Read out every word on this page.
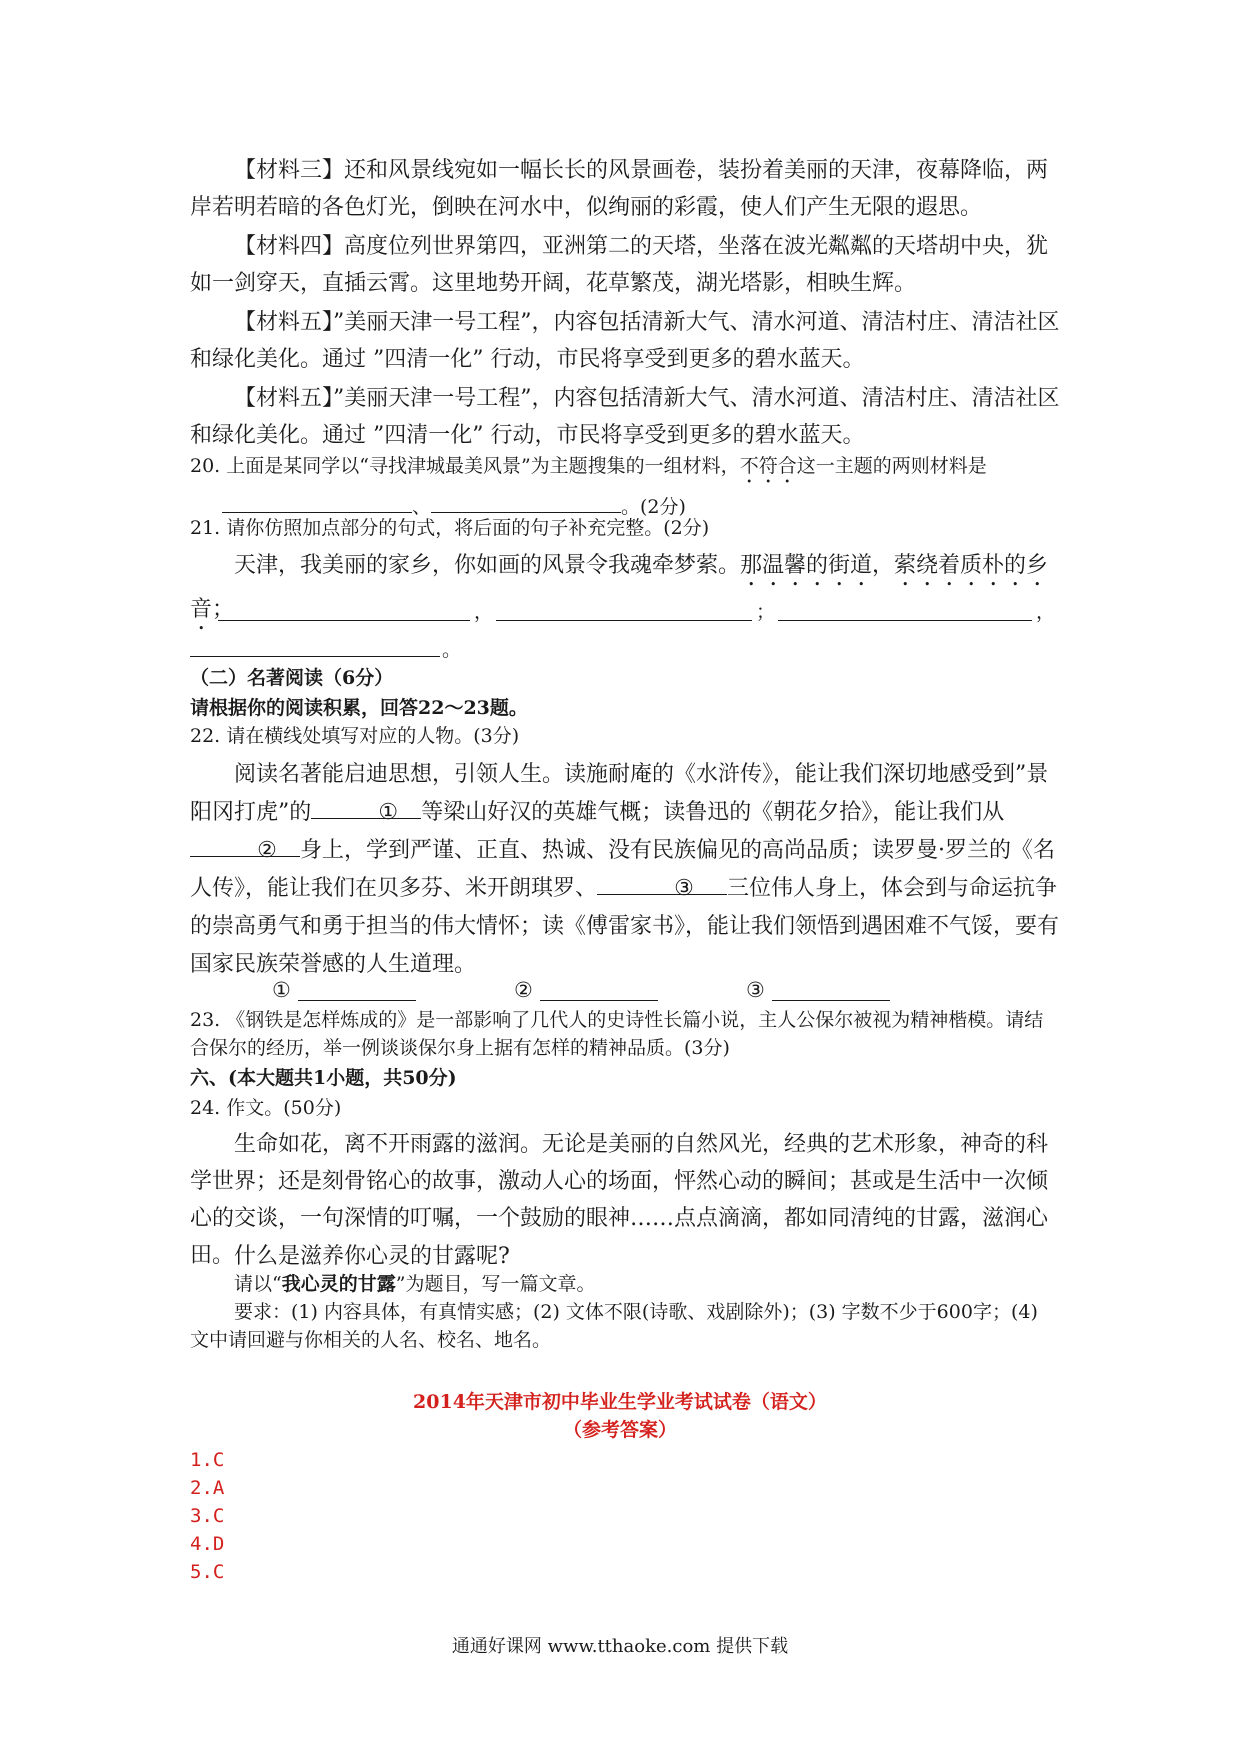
【材料三】还和风景线宛如一幅长长的风景画卷，装扮着美丽的天津，夜幕降临，两岸若明若暗的各色灯光，倒映在河水中，似绚丽的彩霞，使人们产生无限的遐思。
【材料四】高度位列世界第四，亚洲第二的天塔，坐落在波光粼粼的天塔胡中央，犹如一剑穿天，直插云霄。这里地势开阔，花草繁茂，湖光塔影，相映生辉。
【材料五】”美丽天津一号工程”，内容包括清新大气、清水河道、清洁村庄、清洁社区和绿化美化。通过 ”四清一化” 行动，市民将享受到更多的碧水蓝天。
【材料五】”美丽天津一号工程”，内容包括清新大气、清水河道、清洁村庄、清洁社区和绿化美化。通过 ”四清一化” 行动，市民将享受到更多的碧水蓝天。
20. 上面是某同学以“寻找津城最美风景”为主题搜集的一组材料，不符合这一主题的两则材料是、	。(2分)
21. 请你仿照加点部分的句式，将后面的句子补充完整。(2分)
天津，我美丽的家乡，你如画的风景令我魂牵梦萦。那温馨的街道，萦绕着质朴的乡音；	，	；	，
。
（二）名著阅读（6分）
请根据你的阅读积累，回答22～23题。
22. 请在横线处填写对应的人物。(3分)
阅读名著能启迪思想，引领人生。读施耐庵的《水浒传》，能让我们深切地感受到”景阳冈打虎”的	① 等梁山好汉的英雄气概；读鲁迅的《朝花夕拾》，能让我们从② 身上，学到严谨、正直、热诚、没有民族偏见的高尚品质；读罗曼·罗兰的《名人传》，能让我们在贝多芬、米开朗琪罗、	③ 三位伟人身上，体会到与命运抗争的崇高勇气和勇于担当的伟大情怀；读《傅雷家书》，能让我们领悟到遇困难不气馁，要有国家民族荣誉感的人生道理。
①	②	③
23. 《钢铁是怎样炼成的》是一部影响了几代人的史诗性长篇小说，主人公保尔被视为精神楷模。请结合保尔的经历，举一例谈谈保尔身上据有怎样的精神品质。(3分)
六、(本大题共1小题，共50分)
24. 作文。(50分)
生命如花，离不开雨露的滋润。无论是美丽的自然风光，经典的艺术形象，神奇的科学世界；还是刻骨铭心的故事，激动人心的场面，怦然心动的瞬间；甚或是生活中一次倾心的交谈，一句深情的叮嘱，一个鼓励的眼神……点点滴滴，都如同清纯的甘露，滋润心田。 什么是滋养你心灵的甘露呢?
请以“我心灵的甘露”为题目，写一篇文章。
要求：(1) 内容具体，有真情实感；(2) 文体不限(诗歌、戏剧除外)；(3) 字数不少于600字；(4) 文中请回避与你相关的人名、校名、地名。
2014年天津市初中毕业生学业考试试卷（语文）
（参考答案）
1.C
2.A
3.C
4.D
5.C
通通好课网 www.tthaoke.com 提供下载
